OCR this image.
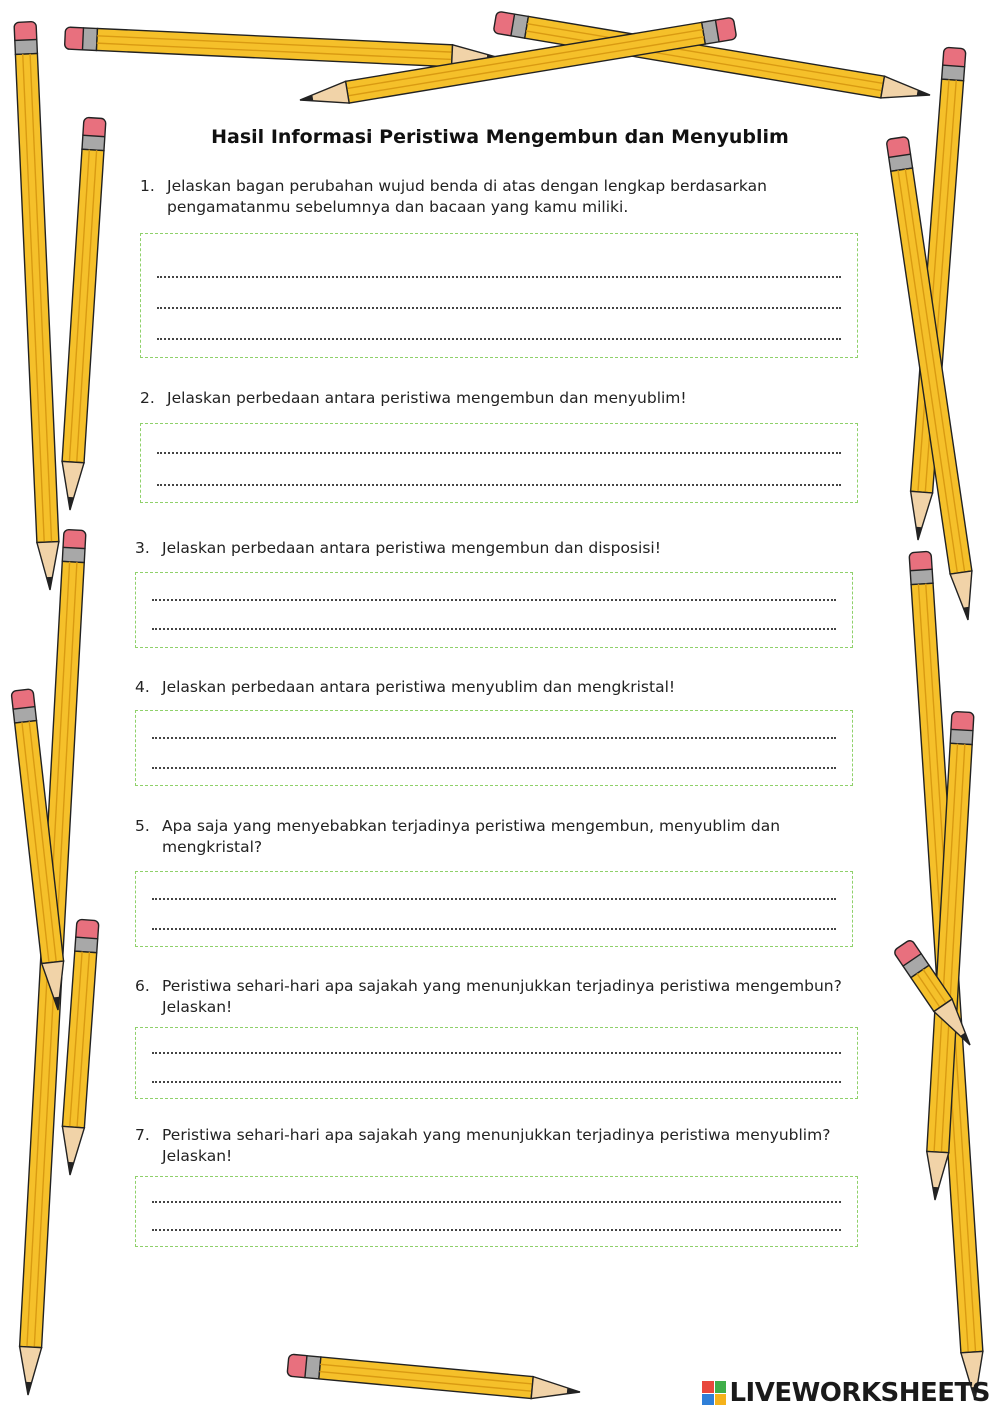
Hasil Informasi Peristiwa Mengembun dan Menyublim
1. Jelaskan bagan perubahan wujud benda di atas dengan lengkap berdasarkan pengamatanmu sebelumnya dan bacaan yang kamu miliki.
2. Jelaskan perbedaan antara peristiwa mengembun dan menyublim!
3. Jelaskan perbedaan antara peristiwa mengembun dan disposisi!
4. Jelaskan perbedaan antara peristiwa menyublim dan mengkristal!
5. Apa saja yang menyebabkan terjadinya peristiwa mengembun, menyublim dan mengkristal?
6. Peristiwa sehari-hari apa sajakah yang menunjukkan terjadinya peristiwa mengembun? Jelaskan!
7. Peristiwa sehari-hari apa sajakah yang menunjukkan terjadinya peristiwa menyublim? Jelaskan!
LIVEWORKSHEETS
